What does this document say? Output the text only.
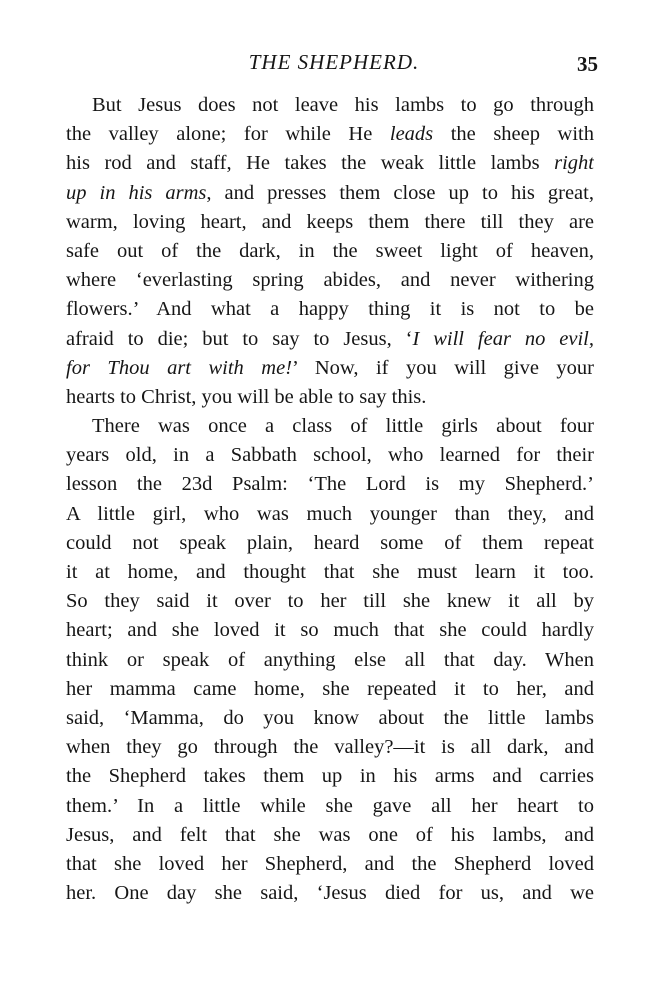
THE SHEPHERD.	35
But Jesus does not leave his lambs to go through
the valley alone; for while He leads the sheep with
his rod and staff, He takes the weak little lambs right
up in his arms, and presses them close up to his great,
warm, loving heart, and keeps them there till they are
safe out of the dark, in the sweet light of heaven,
where ‘everlasting spring abides, and never withering
flowers.’ And what a happy thing it is not to be
afraid to die; but to say to Jesus, ‘I will fear no evil,
for Thou art with me!’ Now, if you will give your
hearts to Christ, you will be able to say this.
There was once a class of little girls about four
years old, in a Sabbath school, who learned for their
lesson the 23d Psalm: ‘The Lord is my Shepherd.’
A little girl, who was much younger than they, and
could not speak plain, heard some of them repeat
it at home, and thought that she must learn it too.
So they said it over to her till she knew it all by
heart; and she loved it so much that she could hardly
think or speak of anything else all that day. When
her mamma came home, she repeated it to her, and
said, ‘Mamma, do you know about the little lambs
when they go through the valley?—it is all dark, and
the Shepherd takes them up in his arms and carries
them.’ In a little while she gave all her heart to
Jesus, and felt that she was one of his lambs, and
that she loved her Shepherd, and the Shepherd loved
her. One day she said, ‘Jesus died for us, and we
